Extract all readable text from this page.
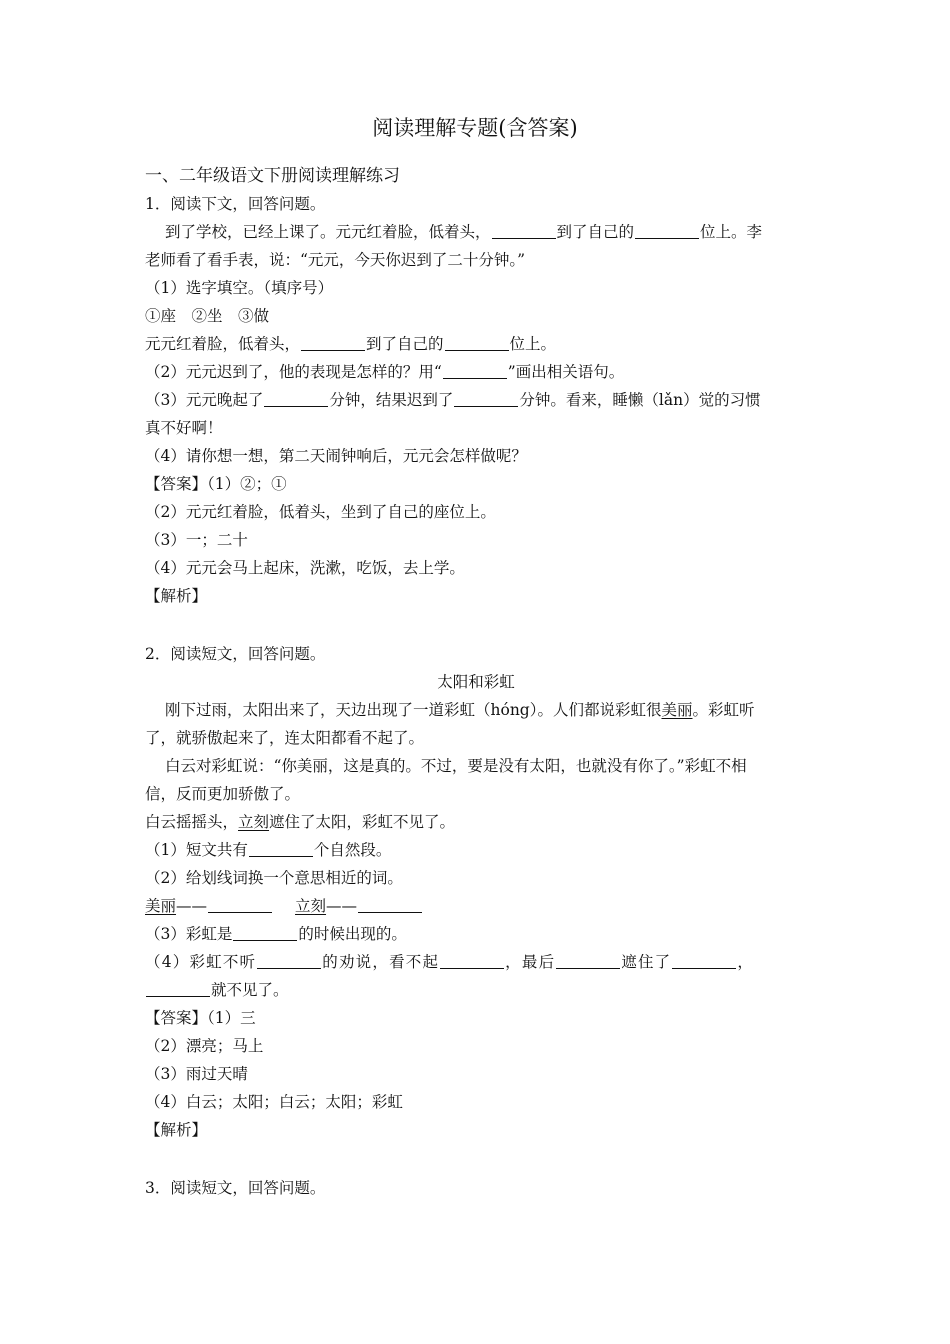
阅读理解专题(含答案)
一、二年级语文下册阅读理解练习
1．阅读下文，回答问题。
到了学校，已经上课了。元元红着脸，低着头，	到了自己的	位上。李
老师看了看手表，说：“元元，今天你迟到了二十分钟。”
（1）选字填空。（填序号）
①座　②坐　③做
元元红着脸，低着头，	到了自己的	位上。
（2）元元迟到了，他的表现是怎样的？用“	”画出相关语句。
（3）元元晚起了	分钟，结果迟到了	分钟。看来，睡懒（lǎn）觉的习惯
真不好啊！
（4）请你想一想，第二天闹钟响后，元元会怎样做呢？
【答案】（1）②；①
（2）元元红着脸，低着头，坐到了自己的座位上。
（3）一；二十
（4）元元会马上起床，洗漱，吃饭，去上学。
【解析】
2．阅读短文，回答问题。
太阳和彩虹
刚下过雨，太阳出来了，天边出现了一道彩虹（hóng）。人们都说彩虹很美丽。彩虹听
了，就骄傲起来了，连太阳都看不起了。
白云对彩虹说：“你美丽，这是真的。不过，要是没有太阳，也就没有你了。”彩虹不相
信，反而更加骄傲了。
白云摇摇头，立刻遮住了太阳，彩虹不见了。
（1）短文共有	个自然段。
（2）给划线词换一个意思相近的词。
美丽——	立刻——
（3）彩虹是	的时候出现的。
（4）彩虹不听	的劝说，看不起	，最后	遮住了	，
就不见了。
【答案】（1）三
（2）漂亮；马上
（3）雨过天晴
（4）白云；太阳；白云；太阳；彩虹
【解析】
3．阅读短文，回答问题。
